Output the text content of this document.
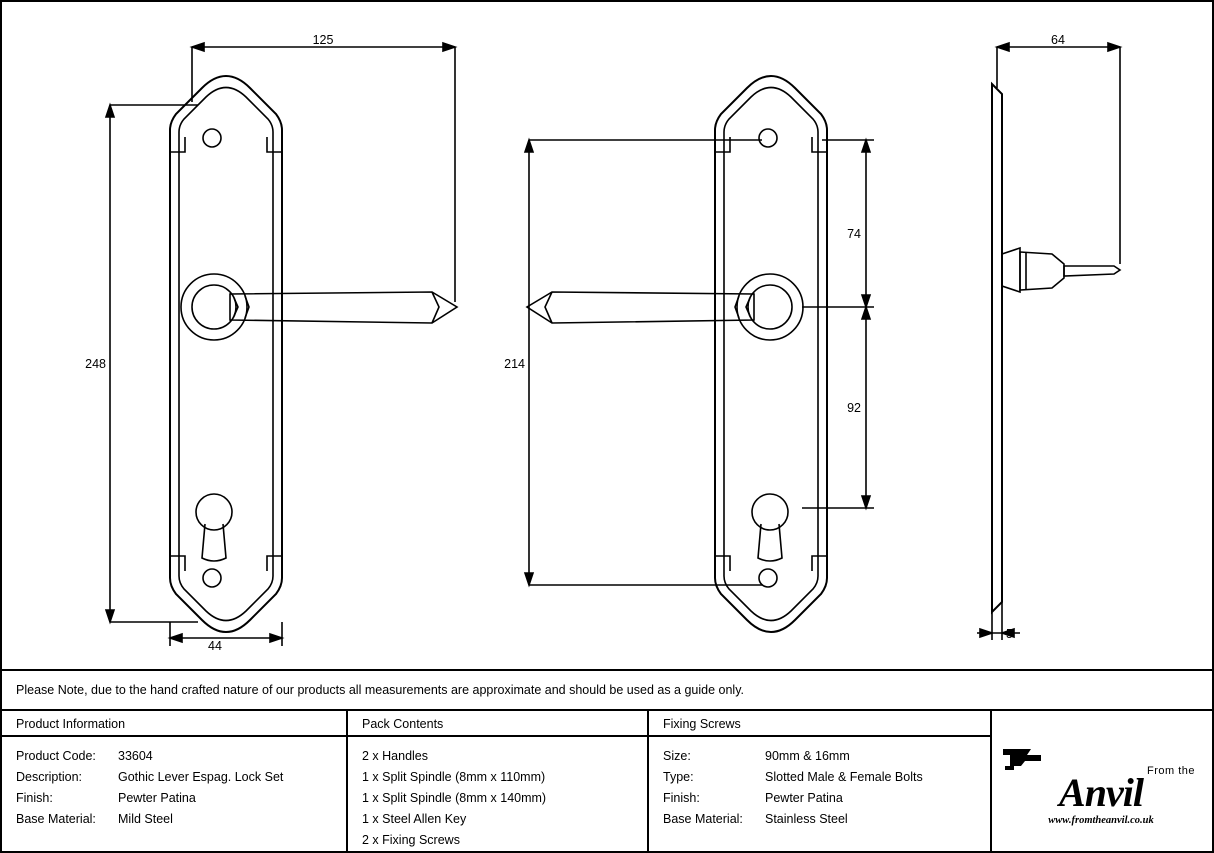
125
248
44
214
74
92
64
5
Please Note, due to the hand crafted nature of our products all measurements are approximate and should be used as a guide only.
Product Information
Product Code:	33604
Description:	Gothic Lever Espag. Lock Set
Finish:	Pewter Patina
Base Material:	Mild Steel
Pack Contents
2 x Handles
1 x Split Spindle (8mm x 110mm)
1 x Split Spindle (8mm x 140mm)
1 x Steel Allen Key
2 x Fixing Screws
Fixing Screws
Size:	90mm & 16mm
Type:	Slotted Male & Female Bolts
Finish:	Pewter Patina
Base Material:	Stainless Steel
From the
Anvil
www.fromtheanvil.co.uk
